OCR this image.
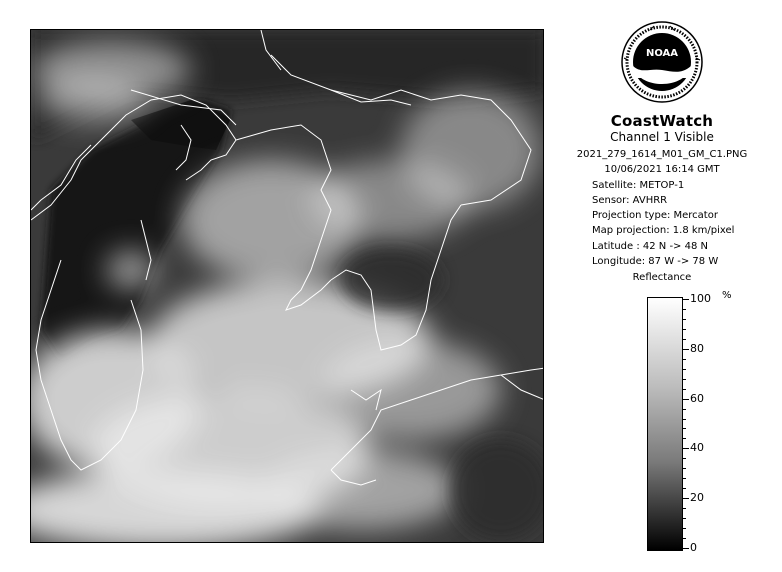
NOAA
CoastWatch
Channel 1 Visible
2021_279_1614_M01_GM_C1.PNG
10/06/2021 16:14 GMT
Satellite: METOP-1
Sensor: AVHRR
Projection type: Mercator
Map projection: 1.8 km/pixel
Latitude : 42 N -> 48 N
Longitude: 87 W -> 78 W
Reflectance
%
100
80
60
40
20
0
